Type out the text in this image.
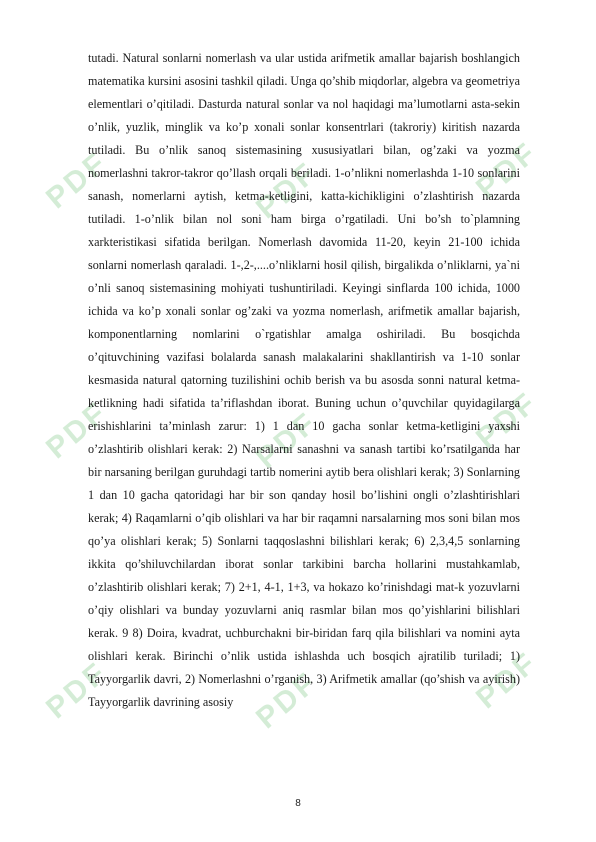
PDF	PDF	PDF
PDF	PDF	PDF
PDF	PDF	PDF

tutadi. Natural sonlarni nomerlash va ular ustida arifmetik amallar bajarish boshlangich matematika kursini asosini tashkil qiladi. Unga qo’shib miqdorlar, algebra va geometriya elementlari o’qitiladi. Dasturda natural sonlar va nol haqidagi ma’lumotlarni asta-sekin o’nlik, yuzlik, minglik va ko’p xonali sonlar konsentrlari (takroriy) kiritish nazarda tutiladi. Bu o’nlik sanoq sistemasining xususiyatlari bilan, og’zaki va yozma nomerlashni takror-takror qo’llash orqali beriladi. 1-o’nlikni nomerlashda 1-10 sonlarini sanash, nomerlarni aytish, ketma-ketligini, katta-kichikligini o’zlashtirish nazarda tutiladi. 1-o’nlik bilan nol soni ham birga o’rgatiladi. Uni bo’sh to`plamning xarkteristikasi sifatida berilgan. Nomerlash davomida 11-20, keyin 21-100 ichida sonlarni nomerlash qaraladi. 1-,2-,....o’nliklarni hosil qilish, birgalikda o’nliklarni, ya`ni o’nli sanoq sistemasining mohiyati tushuntiriladi. Keyingi sinflarda 100 ichida, 1000 ichida va ko’p xonali sonlar og’zaki va yozma nomerlash, arifmetik amallar bajarish, komponentlarning nomlarini o`rgatishlar amalga oshiriladi. Bu bosqichda o’qituvchining vazifasi bolalarda sanash malakalarini shakllantirish va 1-10 sonlar kesmasida natural qatorning tuzilishini ochib berish va bu asosda sonni natural ketma-ketlikning hadi sifatida ta’riflashdan iborat. Buning uchun o’quvchilar quyidagilarga erishishlarini ta’minlash zarur: 1) 1 dan 10 gacha sonlar ketma-ketligini yaxshi o’zlashtirib olishlari kerak: 2) Narsalarni sanashni va sanash tartibi ko’rsatilganda har bir narsaning berilgan guruhdagi tartib nomerini aytib bera olishlari kerak; 3) Sonlarning 1 dan 10 gacha qatoridagi har bir son qanday hosil bo’lishini ongli o’zlashtirishlari kerak; 4) Raqamlarni o’qib olishlari va har bir raqamni narsalarning mos soni bilan mos qo’ya olishlari kerak; 5) Sonlarni taqqoslashni bilishlari kerak; 6) 2,3,4,5 sonlarning ikkita qo’shiluvchilardan iborat sonlar tarkibini barcha hollarini mustahkamlab, o’zlashtirib olishlari kerak; 7) 2+1, 4-1, 1+3, va hokazo ko’rinishdagi mat-k yozuvlarni o’qiy olishlari va bunday yozuvlarni aniq rasmlar bilan mos qo’yishlarini bilishlari kerak. 9 8) Doira, kvadrat, uchburchakni bir-biridan farq qila bilishlari va nomini ayta olishlari kerak. Birinchi o’nlik ustida ishlashda uch bosqich ajratilib turiladi; 1) Tayyorgarlik davri, 2) Nomerlashni o’rganish, 3) Arifmetik amallar (qo’shish va ayirish) Tayyorgarlik davrining asosiy

8
